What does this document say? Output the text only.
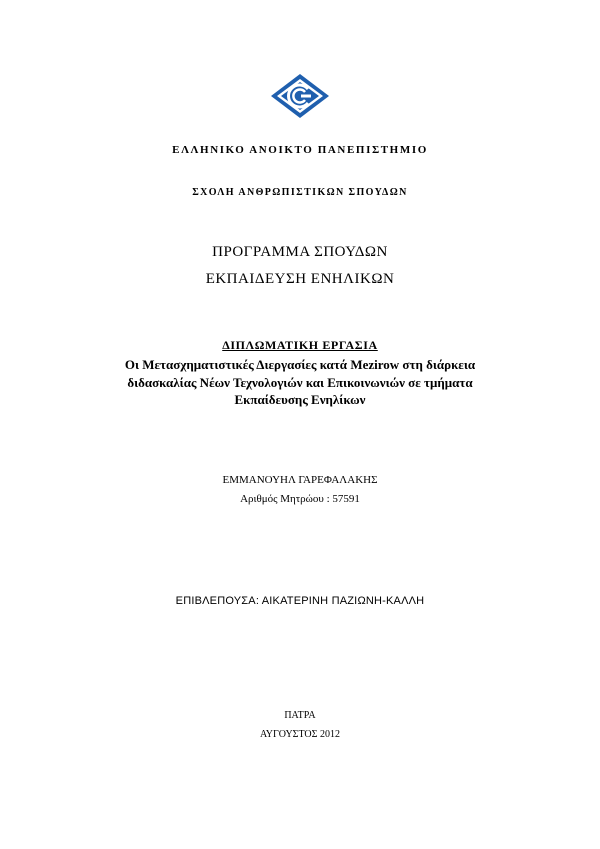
ΕΛΛΗΝΙΚΟ ΑΝΟΙΚΤΟ ΠΑΝΕΠΙΣΤΗΜΙΟ
ΣΧΟΛΗ ΑΝΘΡΩΠΙΣΤΙΚΩΝ ΣΠΟΥΔΩΝ
ΠΡΟΓΡΑΜΜΑ ΣΠΟΥΔΩΝ
ΕΚΠΑΙΔΕΥΣΗ ΕΝΗΛΙΚΩΝ
ΔΙΠΛΩΜΑΤΙΚΗ ΕΡΓΑΣΙΑ
Οι Μετασχηματιστικές Διεργασίες κατά Mezirow στη διάρκεια
διδασκαλίας Νέων Τεχνολογιών και Επικοινωνιών σε τμήματα
Εκπαίδευσης Ενηλίκων
ΕΜΜΑΝΟΥΗΛ ΓΑΡΕΦΑΛΑΚΗΣ
Αριθμός Μητρώου : 57591
ΕΠΙΒΛΕΠΟΥΣΑ: ΑΙΚΑΤΕΡΙΝΗ ΠΑΖΙΩΝΗ-ΚΑΛΛΗ
ΠΑΤΡΑ
ΑΥΓΟΥΣΤΟΣ 2012
